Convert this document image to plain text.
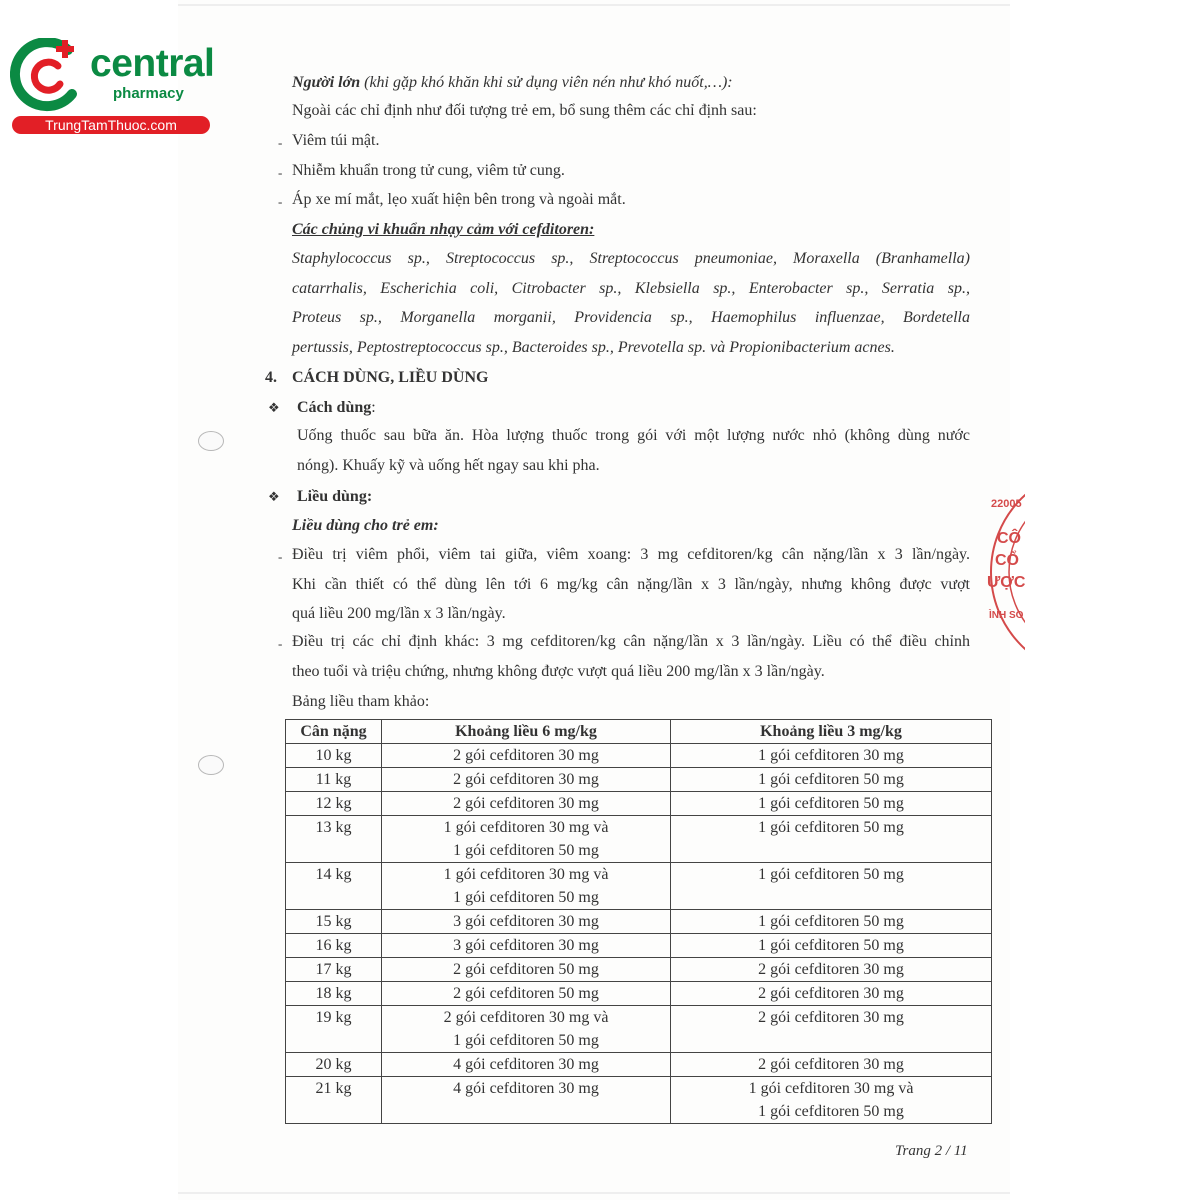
central
pharmacy
TrungTamThuoc.com
Người lớn (khi gặp khó khăn khi sử dụng viên nén như khó nuốt,…):
Ngoài các chỉ định như đối tượng trẻ em, bổ sung thêm các chỉ định sau:
- Viêm túi mật.
- Nhiễm khuẩn trong tử cung, viêm tử cung.
- Áp xe mí mắt, lẹo xuất hiện bên trong và ngoài mắt.
Các chủng vi khuẩn nhạy cảm với cefditoren:
Staphylococcus sp., Streptococcus sp., Streptococcus pneumoniae, Moraxella (Branhamella)
catarrhalis, Escherichia coli, Citrobacter sp., Klebsiella sp., Enterobacter sp., Serratia sp.,
Proteus sp., Morganella morganii, Providencia sp., Haemophilus influenzae, Bordetella
pertussis, Peptostreptococcus sp., Bacteroides sp., Prevotella sp. và Propionibacterium acnes.
4. CÁCH DÙNG, LIỀU DÙNG
❖ Cách dùng:
Uống thuốc sau bữa ăn. Hòa lượng thuốc trong gói với một lượng nước nhỏ (không dùng nước
nóng). Khuấy kỹ và uống hết ngay sau khi pha.
❖ Liều dùng:
Liều dùng cho trẻ em:
- Điều trị viêm phổi, viêm tai giữa, viêm xoang: 3 mg cefditoren/kg cân nặng/lần x 3 lần/ngày.
Khi cần thiết có thể dùng lên tới 6 mg/kg cân nặng/lần x 3 lần/ngày, nhưng không được vượt
quá liều 200 mg/lần x 3 lần/ngày.
- Điều trị các chỉ định khác: 3 mg cefditoren/kg cân nặng/lần x 3 lần/ngày. Liều có thể điều chỉnh
theo tuổi và triệu chứng, nhưng không được vượt quá liều 200 mg/lần x 3 lần/ngày.
Bảng liều tham khảo:
Cân nặng	Khoảng liều 6 mg/kg	Khoảng liều 3 mg/kg

10 kg	2 gói cefditoren 30 mg	1 gói cefditoren 30 mg

11 kg	2 gói cefditoren 30 mg	1 gói cefditoren 50 mg

12 kg	2 gói cefditoren 30 mg	1 gói cefditoren 50 mg

13 kg	1 gói cefditoren 30 mg và
1 gói cefditoren 50 mg	1 gói cefditoren 50 mg

14 kg	1 gói cefditoren 30 mg và
1 gói cefditoren 50 mg	1 gói cefditoren 50 mg

15 kg	3 gói cefditoren 30 mg	1 gói cefditoren 50 mg

16 kg	3 gói cefditoren 30 mg	1 gói cefditoren 50 mg

17 kg	2 gói cefditoren 50 mg	2 gói cefditoren 30 mg

18 kg	2 gói cefditoren 50 mg	2 gói cefditoren 30 mg

19 kg	2 gói cefditoren 30 mg và
1 gói cefditoren 50 mg	2 gói cefditoren 30 mg

20 kg	4 gói cefditoren 30 mg	2 gói cefditoren 30 mg

21 kg	4 gói cefditoren 30 mg	1 gói cefditoren 30 mg và
1 gói cefditoren 50 mg
22005
CÔ
CỔ
ƯỢC
ÌNH SO
Trang 2 / 11
